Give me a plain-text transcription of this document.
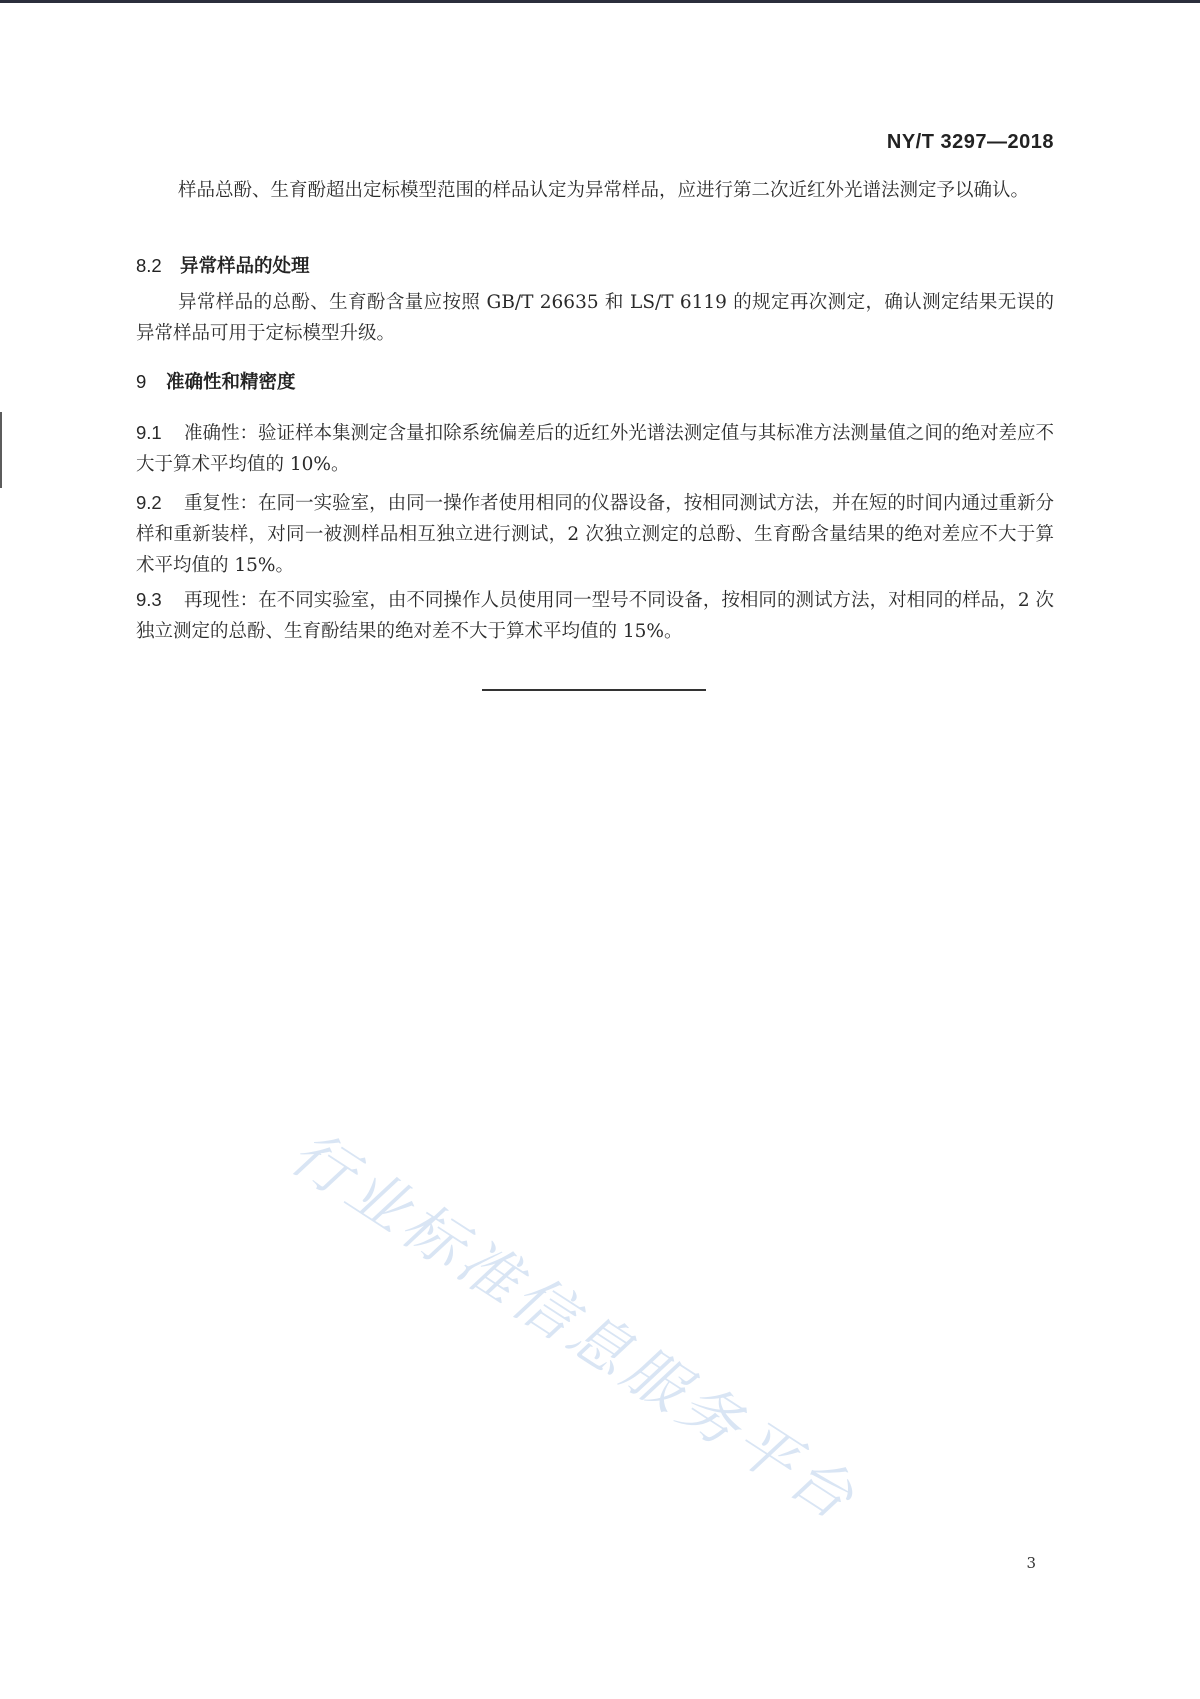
NY/T 3297—2018

样品总酚、生育酚超出定标模型范围的样品认定为异常样品，应进行第二次近红外光谱法测定予以确认。

8.2 异常样品的处理

异常样品的总酚、生育酚含量应按照 GB/T 26635 和 LS/T 6119 的规定再次测定，确认测定结果无误的异常样品可用于定标模型升级。

9 准确性和精密度

9.1 准确性：验证样本集测定含量扣除系统偏差后的近红外光谱法测定值与其标准方法测量值之间的绝对差应不大于算术平均值的 10%。

9.2 重复性：在同一实验室，由同一操作者使用相同的仪器设备，按相同测试方法，并在短的时间内通过重新分样和重新装样，对同一被测样品相互独立进行测试，2 次独立测定的总酚、生育酚含量结果的绝对差应不大于算术平均值的 15%。

9.3 再现性：在不同实验室，由不同操作人员使用同一型号不同设备，按相同的测试方法，对相同的样品，2 次独立测定的总酚、生育酚结果的绝对差不大于算术平均值的 15%。

行业标准信息服务平台
3
